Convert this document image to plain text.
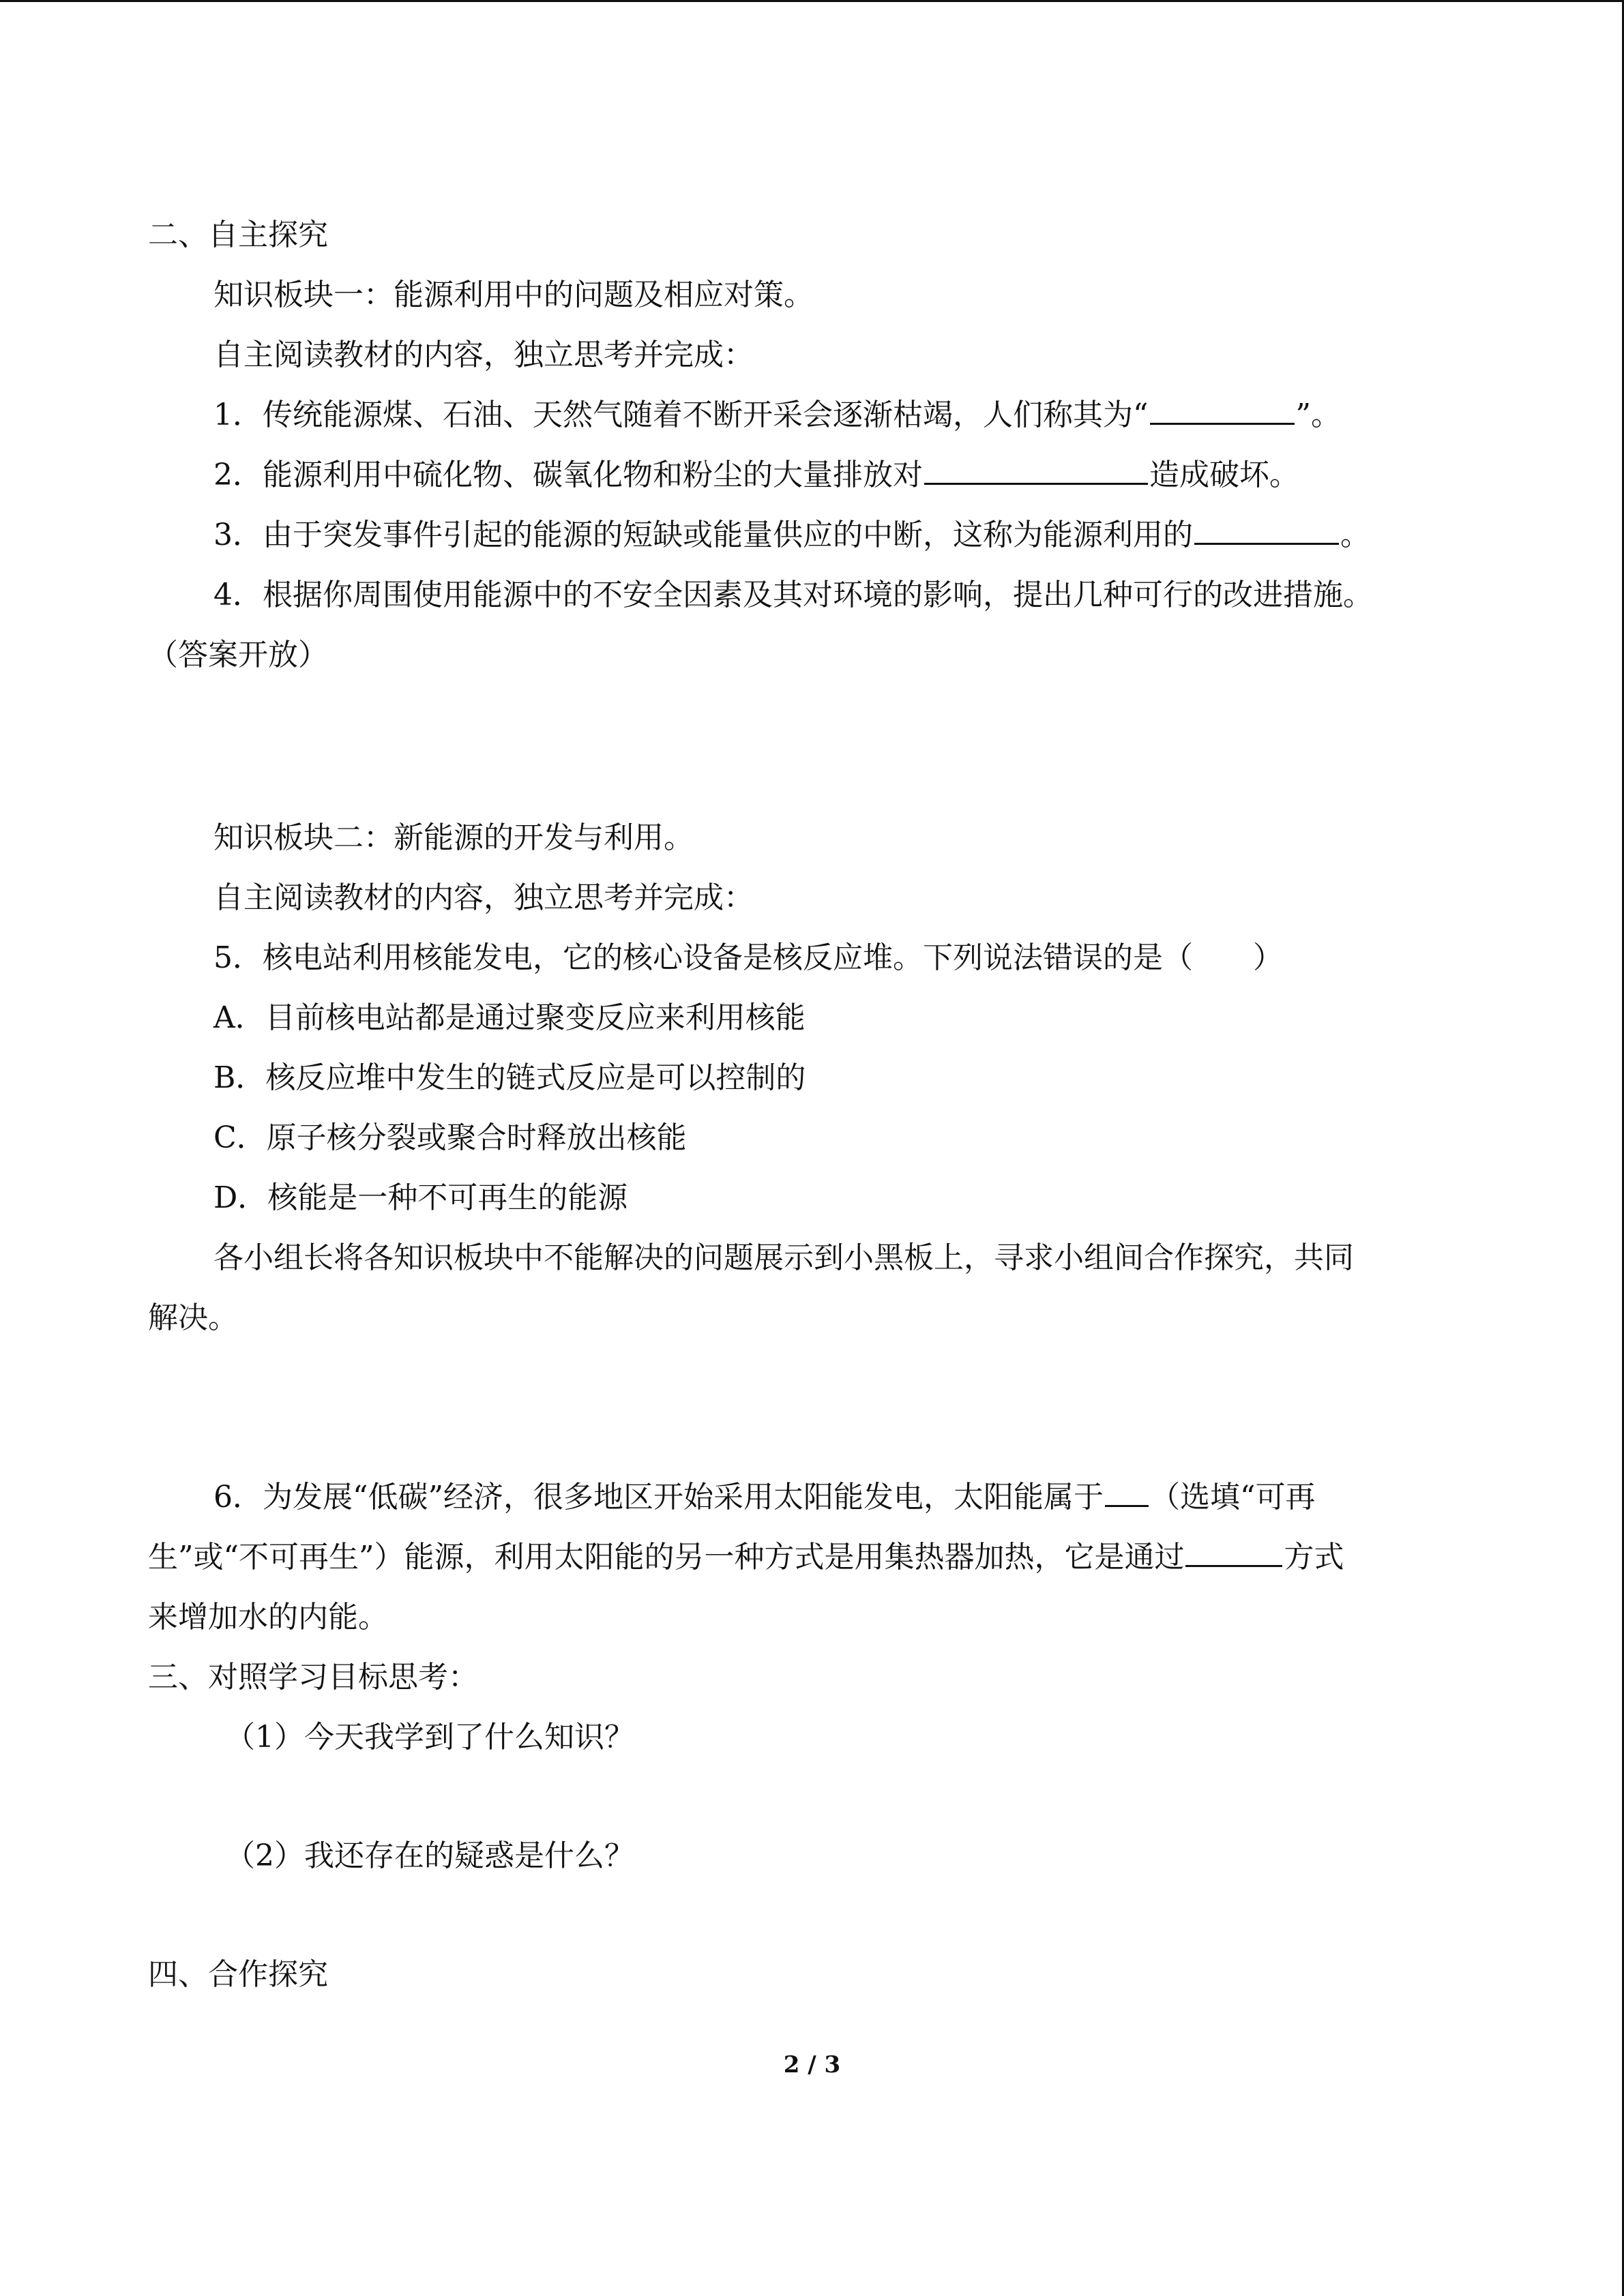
二、自主探究
知识板块一：能源利用中的问题及相应对策。
自主阅读教材的内容，独立思考并完成：
1．传统能源煤、石油、天然气随着不断开采会逐渐枯竭，人们称其为“	”。
2．能源利用中硫化物、碳氧化物和粉尘的大量排放对	造成破坏。
3．由于突发事件引起的能源的短缺或能量供应的中断，这称为能源利用的	。
4．根据你周围使用能源中的不安全因素及其对环境的影响，提出几种可行的改进措施。
（答案开放）
知识板块二：新能源的开发与利用。
自主阅读教材的内容，独立思考并完成：
5．核电站利用核能发电，它的核心设备是核反应堆。下列说法错误的是（　　）
A．目前核电站都是通过聚变反应来利用核能
B．核反应堆中发生的链式反应是可以控制的
C．原子核分裂或聚合时释放出核能
D．核能是一种不可再生的能源
各小组长将各知识板块中不能解决的问题展示到小黑板上，寻求小组间合作探究，共同
解决。
6．为发展“低碳”经济，很多地区开始采用太阳能发电，太阳能属于 （选填“可再
生”或“不可再生”）能源，利用太阳能的另一种方式是用集热器加热，它是通过	方式
来增加水的内能。
三、对照学习目标思考：
（1）今天我学到了什么知识？
（2）我还存在的疑惑是什么？
四、合作探究
2 / 3
